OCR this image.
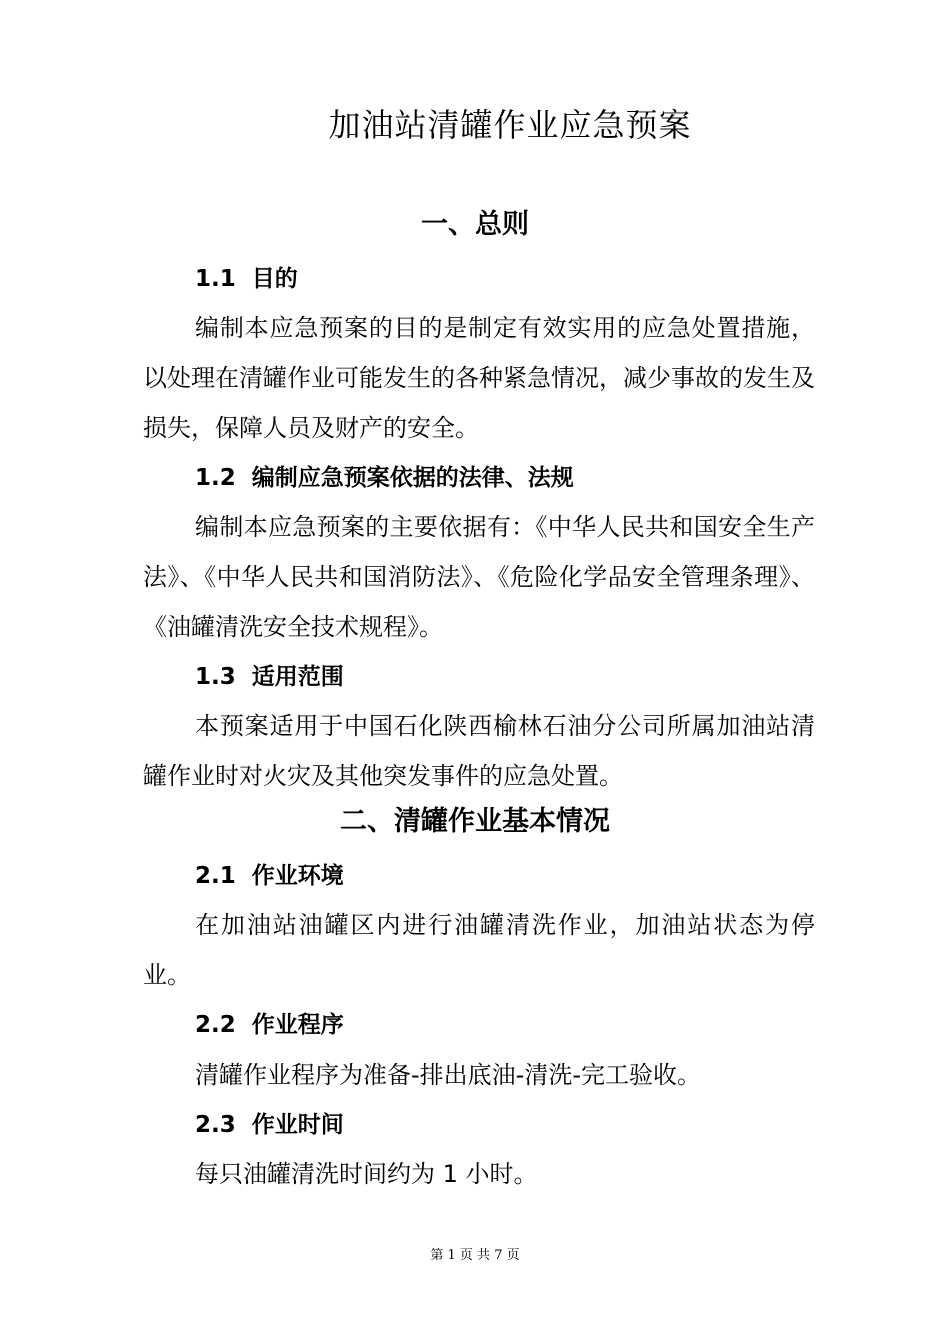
加油站清罐作业应急预案
一、总则
1.1  目的
编制本应急预案的目的是制定有效实用的应急处置措施，以处理在清罐作业可能发生的各种紧急情况，减少事故的发生及损失，保障人员及财产的安全。
1.2  编制应急预案依据的法律、法规
编制本应急预案的主要依据有：《中华人民共和国安全生产法》、《中华人民共和国消防法》、《危险化学品安全管理条理》、《油罐清洗安全技术规程》。
1.3  适用范围
本预案适用于中国石化陕西榆林石油分公司所属加油站清罐作业时对火灾及其他突发事件的应急处置。
二、清罐作业基本情况
2.1  作业环境
在加油站油罐区内进行油罐清洗作业，加油站状态为停业。
2.2  作业程序
清罐作业程序为准备-排出底油-清洗-完工验收。
2.3  作业时间
每只油罐清洗时间约为 1 小时。
第 1 页 共 7 页
